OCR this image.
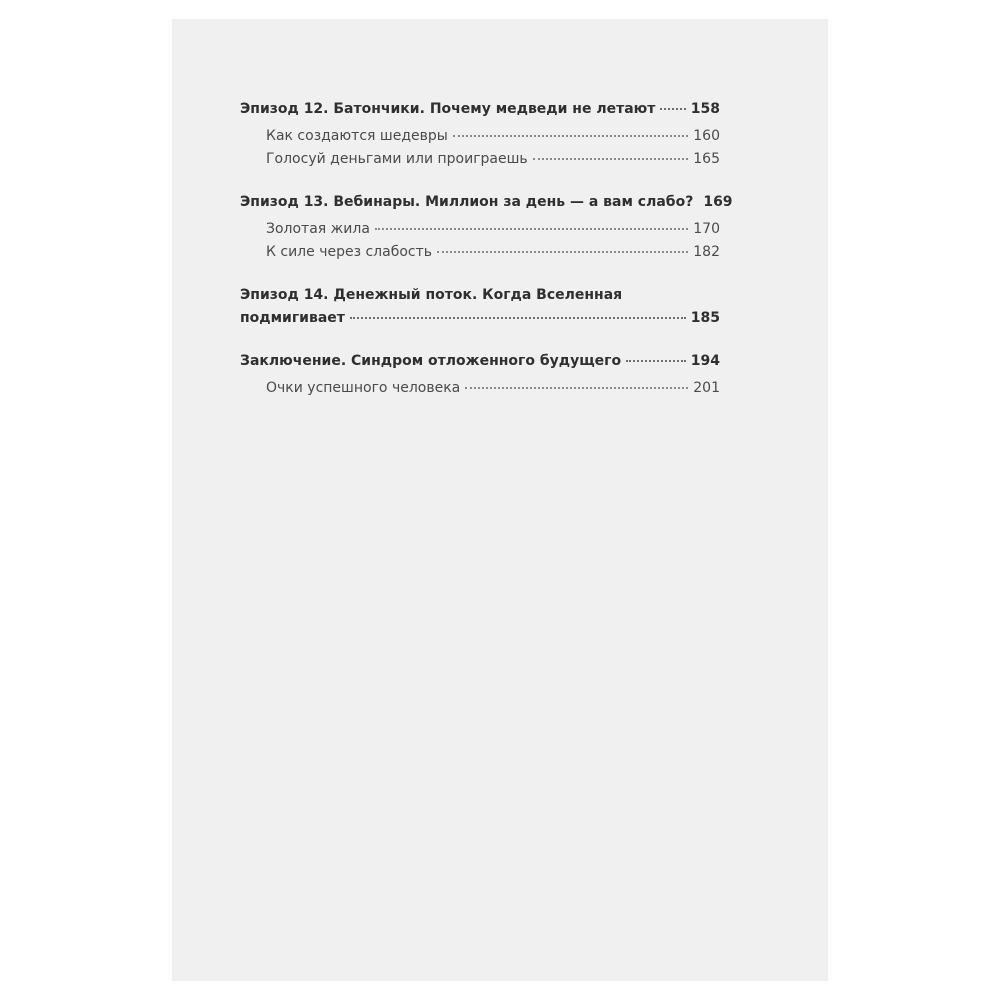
Эпизод 12. Батончики. Почему медведи не летают	158
Как создаются шедевры	160
Голосуй деньгами или проиграешь	165
Эпизод 13. Вебинары. Миллион за день — а вам слабо? 169
Золотая жила	170
К силе через слабость	182
Эпизод 14. Денежный поток. Когда Вселенная
подмигивает	185
Заключение. Синдром отложенного будущего	194
Очки успешного человека	201
